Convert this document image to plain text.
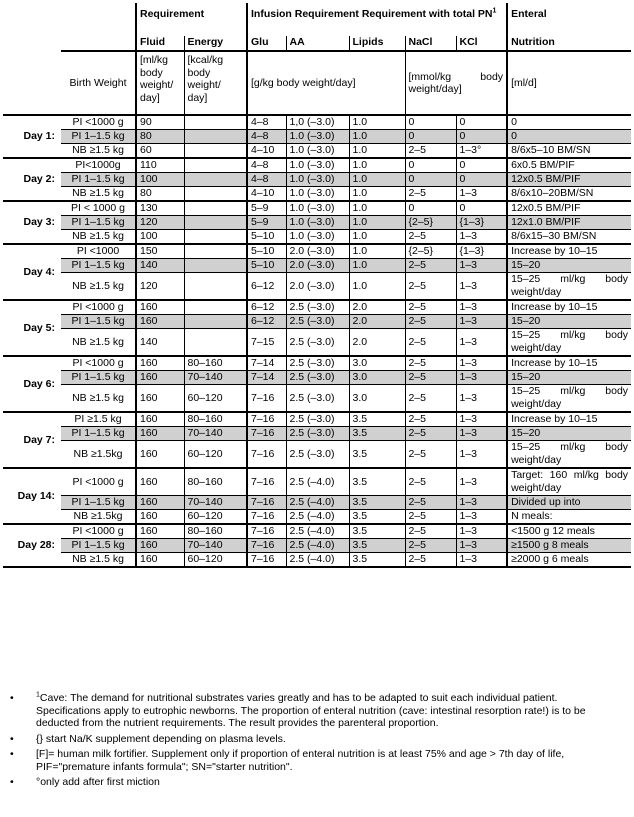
		Requirement		Infusion Requirement Requirement with total $PN^1$					Enteral
		Fluid	Energy	Glu	AA	Lipids	NaCl	KCl	Nutrition
	Birth Weight	[ml/kg body weight/ day]	[kcal/kg body weight/ day]	[g/kg body weight/day]			[mmol/kg body weight/day]		[ml/d]
Day 1:	PI <1000 g	90		4–8	1,0 (–3.0)	1.0	0	0	0
	PI 1–1.5 kg	80		4–8	1.0 (–3.0)	1.0	0	0	0
	NB ≥1.5 kg	60		4–10	1.0 (–3.0)	1.0	2–5	1–3°	8/6x5–10 BM/SN
Day 2:	PI<1000g	110		4–8	1.0 (–3.0)	1.0	0	0	6x0.5 BM/PIF
	PI 1–1.5 kg	100		4–8	1.0 (–3.0)	1.0	0	0	12x0.5 BM/PIF
	NB ≥1.5 kg	80		4–10	1.0 (–3.0)	1.0	2–5	1–3	8/6x10–20BM/SN
Day 3:	PI < 1000 g	130		5–9	1.0 (–3.0)	1.0	0	0	12x0.5 BM/PIF
	PI 1–1.5 kg	120		5–9	1.0 (–3.0)	1.0	{2–5}	{1–3}	12x1.0 BM/PIF
	NB ≥1.5 kg	100		5–10	1.0 (–3.0)	1.0	2–5	1–3	8/6x15–30 BM/SN
Day 4:	PI <1000	150		5–10	2.0 (–3.0)	1.0	{2–5}	{1–3}	Increase by 10–15
	PI 1–1.5 kg	140		5–10	2.0 (–3.0)	1.0	2–5	1–3	15–20
	NB ≥1.5 kg	120		6–12	2.0 (–3.0)	1.0	2–5	1–3	15–25 ml/kg body weight/day
Day 5:	PI <1000 g	160		6–12	2.5 (–3.0)	2.0	2–5	1–3	Increase by 10–15
	PI 1–1.5 kg	160		6–12	2.5 (–3.0)	2.0	2–5	1–3	15–20
	NB ≥1.5 kg	140		7–15	2.5 (–3.0)	2.0	2–5	1–3	15–25 ml/kg body weight/day
Day 6:	PI <1000 g	160	80–160	7–14	2.5 (–3.0)	3.0	2–5	1–3	Increase by 10–15
	PI 1–1.5 kg	160	70–140	7–14	2.5 (–3.0)	3.0	2–5	1–3	15–20
	NB ≥1.5 kg	160	60–120	7–16	2.5 (–3.0)	3.0	2–5	1–3	15–25 ml/kg body weight/day
Day 7:	PI ≥1.5 kg	160	80–160	7–16	2.5 (–3.0)	3.5	2–5	1–3	Increase by 10–15
	PI 1–1.5 kg	160	70–140	7–16	2.5 (–3.0)	3.5	2–5	1–3	15–20
	NB ≥1.5kg	160	60–120	7–16	2.5 (–3.0)	3.5	2–5	1–3	15–25 ml/kg body weight/day
Day 14:	PI <1000 g	160	80–160	7–16	2.5 (–4.0)	3.5	2–5	1–3	Target: 160 ml/kg body weight/day
	PI 1–1.5 kg	160	70–140	7–16	2.5 (–4.0)	3.5	2–5	1–3	Divided up into
	NB ≥1.5kg	160	60–120	7–16	2.5 (–4.0)	3.5	2–5	1–3	N meals:
Day 28:	PI <1000 g	160	80–160	7–16	2.5 (–4.0)	3.5	2–5	1–3	<1500 g 12 meals
	PI 1–1.5 kg	160	70–140	7–16	2.5 (–4.0)	3.5	2–5	1–3	≥1500 g 8 meals
	NB ≥1.5 kg	160	60–120	7–16	2.5 (–4.0)	3.5	2–5	1–3	≥2000 g 6 meals
•	$^1$Cave: The demand for nutritional substrates varies greatly and has to be adapted to suit each individual patient. Specifications apply to eutrophic newborns. The proportion of enteral nutrition (cave: intestinal resorption rate!) is to be deducted from the nutrient requirements. The result provides the parenteral proportion.
• {} start Na/K supplement depending on plasma levels.
• [F]= human milk fortifier. Supplement only if proportion of enteral nutrition is at least 75% and age > 7th day of life, PIF="premature infants formula"; SN="starter nutrition".
• °only add after first miction
